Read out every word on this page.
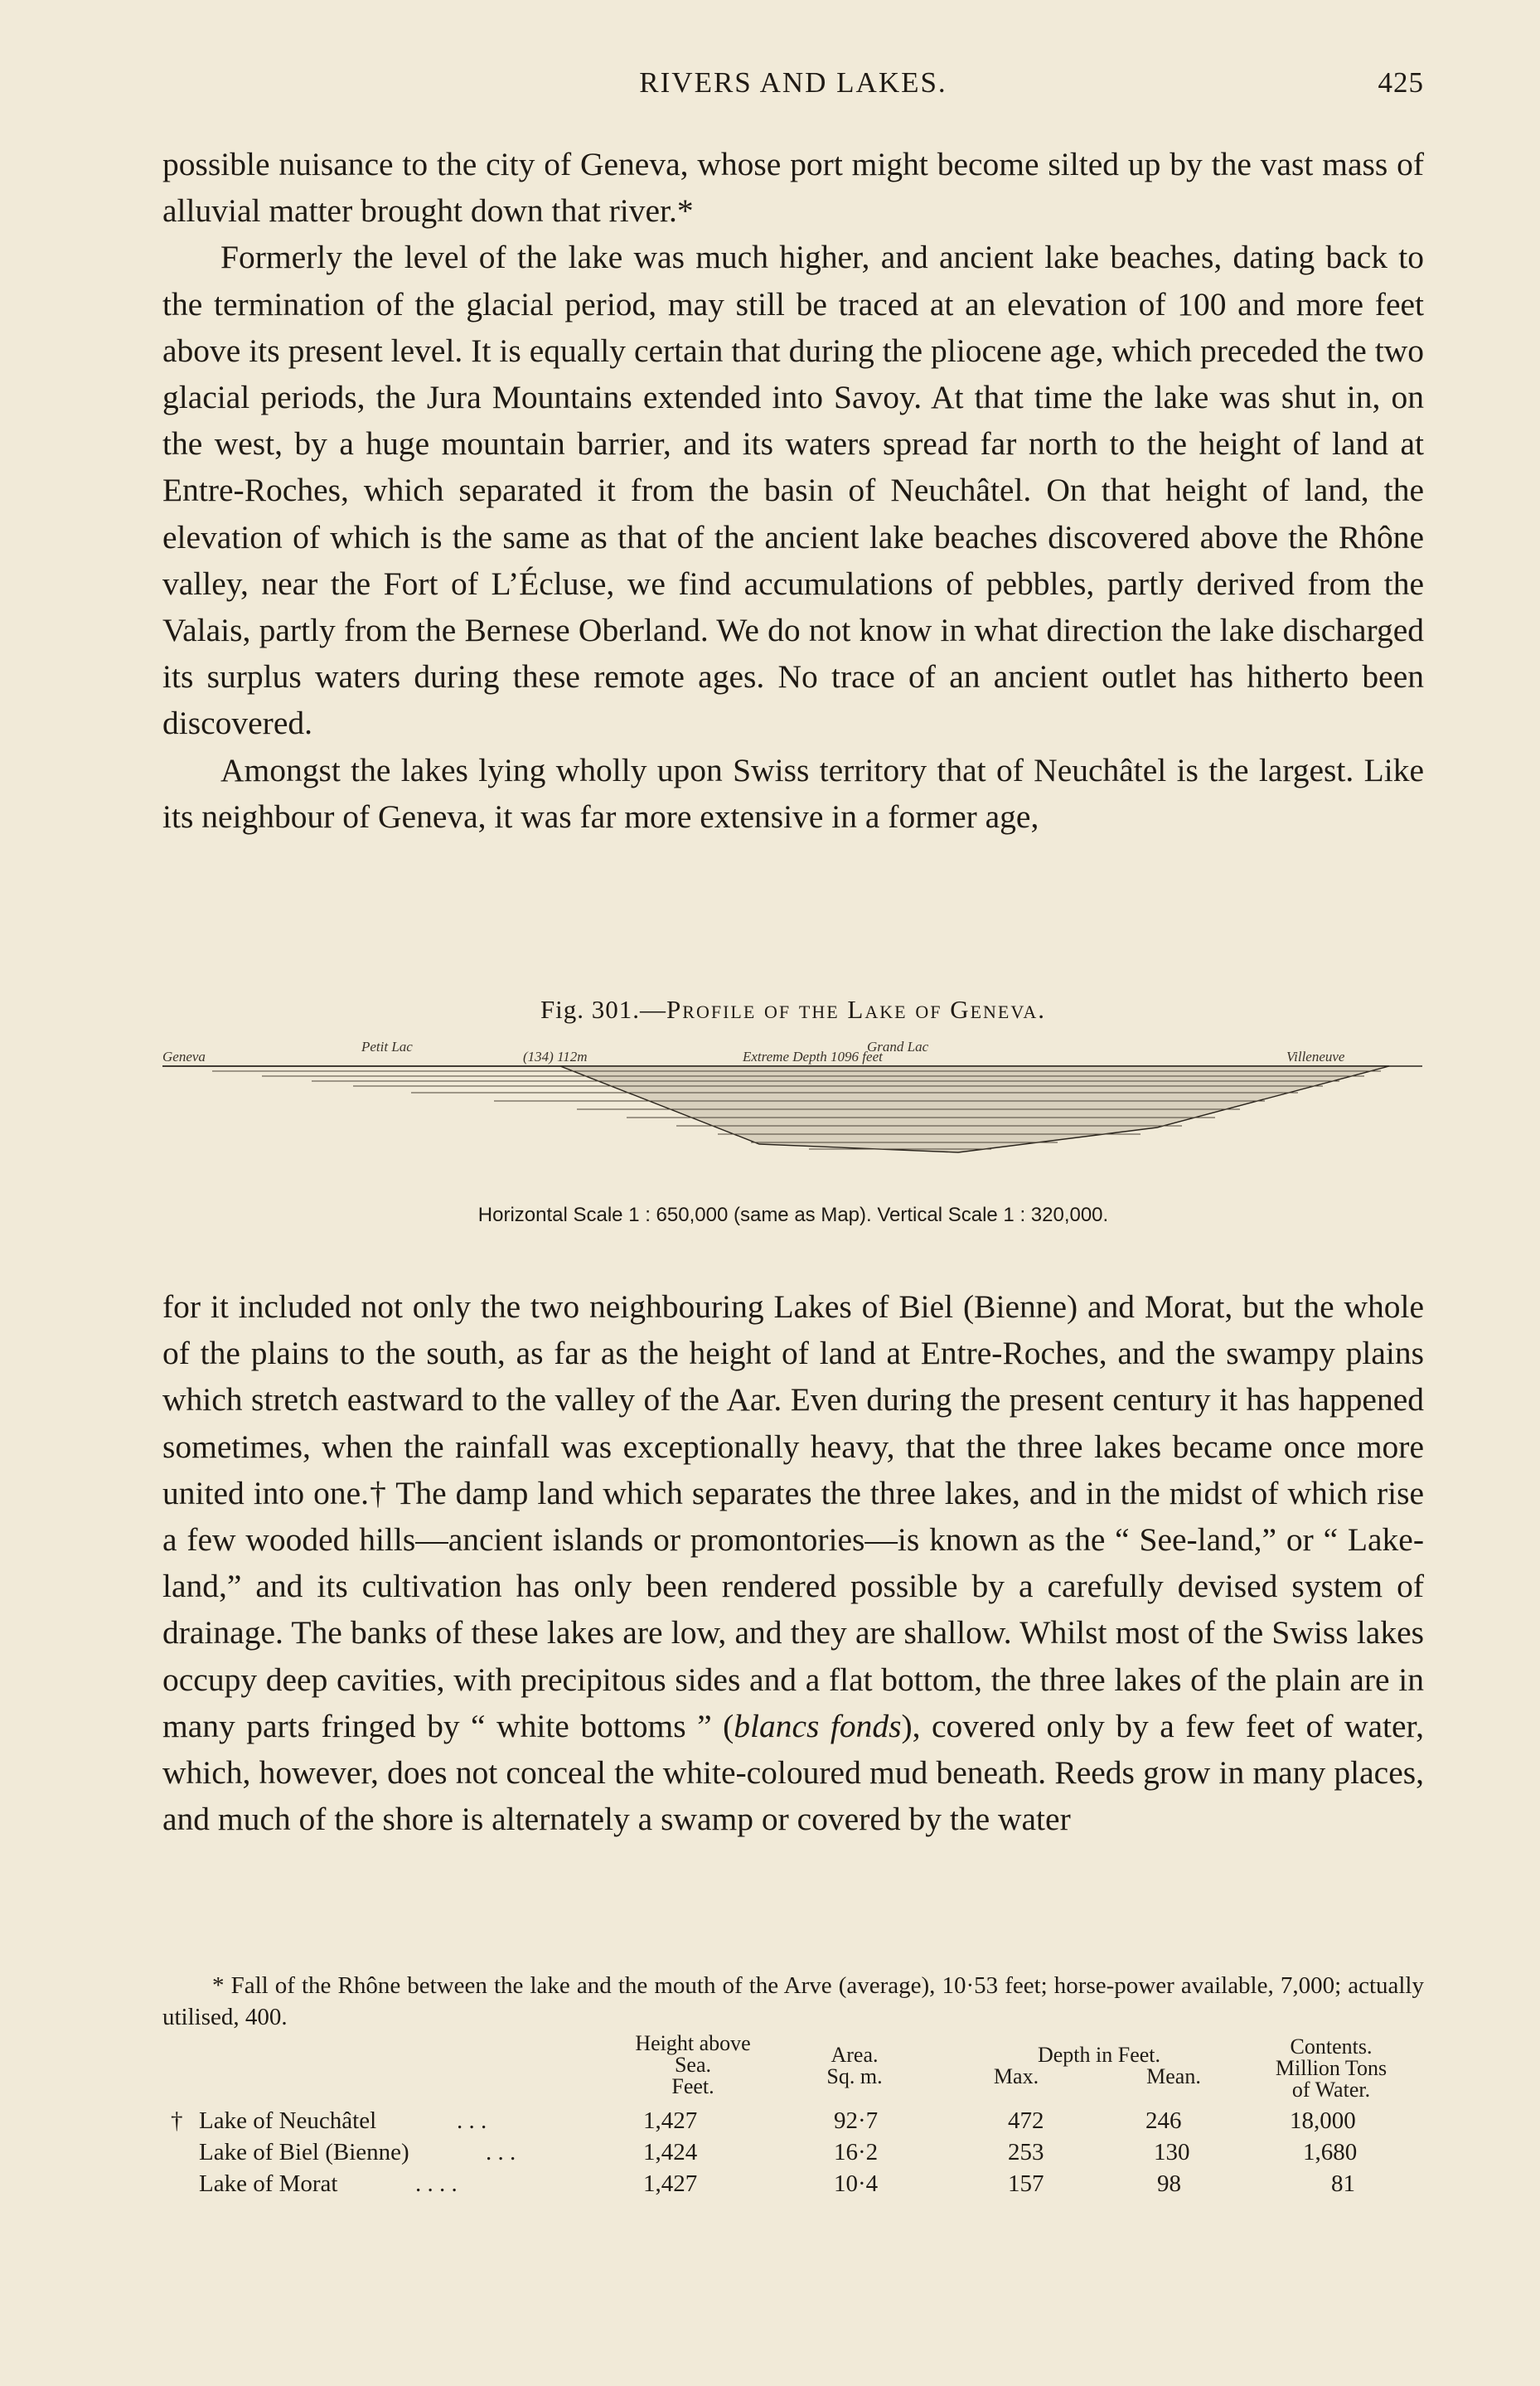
RIVERS AND LAKES.	425

possible nuisance to the city of Geneva, whose port might become silted up by the vast mass of alluvial matter brought down that river.*

Formerly the level of the lake was much higher, and ancient lake beaches, dating back to the termination of the glacial period, may still be traced at an elevation of 100 and more feet above its present level. It is equally certain that during the pliocene age, which preceded the two glacial periods, the Jura Mountains extended into Savoy. At that time the lake was shut in, on the west, by a huge mountain barrier, and its waters spread far north to the height of land at Entre-Roches, which separated it from the basin of Neuchâtel. On that height of land, the elevation of which is the same as that of the ancient lake beaches discovered above the Rhône valley, near the Fort of L’Écluse, we find accumulations of pebbles, partly derived from the Valais, partly from the Bernese Oberland. We do not know in what direction the lake discharged its surplus waters during these remote ages. No trace of an ancient outlet has hitherto been discovered.

Amongst the lakes lying wholly upon Swiss territory that of Neuchâtel is the largest. Like its neighbour of Geneva, it was far more extensive in a former age,

Fig. 301.—Profile of the Lake of Geneva.
Geneva
Petit Lac
(134) 112m
Grand Lac
Extreme Depth 1096 feet	Villeneuve
Horizontal Scale 1 : 650,000 (same as Map). Vertical Scale 1 : 320,000.

for it included not only the two neighbouring Lakes of Biel (Bienne) and Morat, but the whole of the plains to the south, as far as the height of land at Entre-Roches, and the swampy plains which stretch eastward to the valley of the Aar. Even during the present century it has happened sometimes, when the rainfall was exceptionally heavy, that the three lakes became once more united into one.† The damp land which separates the three lakes, and in the midst of which rise a few wooded hills—ancient islands or promontories—is known as the “ See-land,” or “ Lake-land,” and its cultivation has only been rendered possible by a carefully devised system of drainage. The banks of these lakes are low, and they are shallow. Whilst most of the Swiss lakes occupy deep cavities, with precipitous sides and a flat bottom, the three lakes of the plain are in many parts fringed by “ white bottoms ” (blancs fonds), covered only by a few feet of water, which, however, does not conceal the white-coloured mud beneath. Reeds grow in many places, and much of the shore is alternately a swamp or covered by the water

* Fall of the Rhône between the lake and the mouth of the Arve (average), 10·53 feet; horse-power available, 7,000; actually utilised, 400.

Height above
Sea.
Feet.
Area.
Sq. m.
Depth in Feet.
Max.	Mean.
Contents.
Million Tons
of Water.
† Lake of Neuchâtel	. . .	1,427	92·7	472	246	18,000
Lake of Biel (Bienne)	. . .	1,424	16·2	253	130	1,680
Lake of Morat	. . . .	1,427	10·4	157	98	81
